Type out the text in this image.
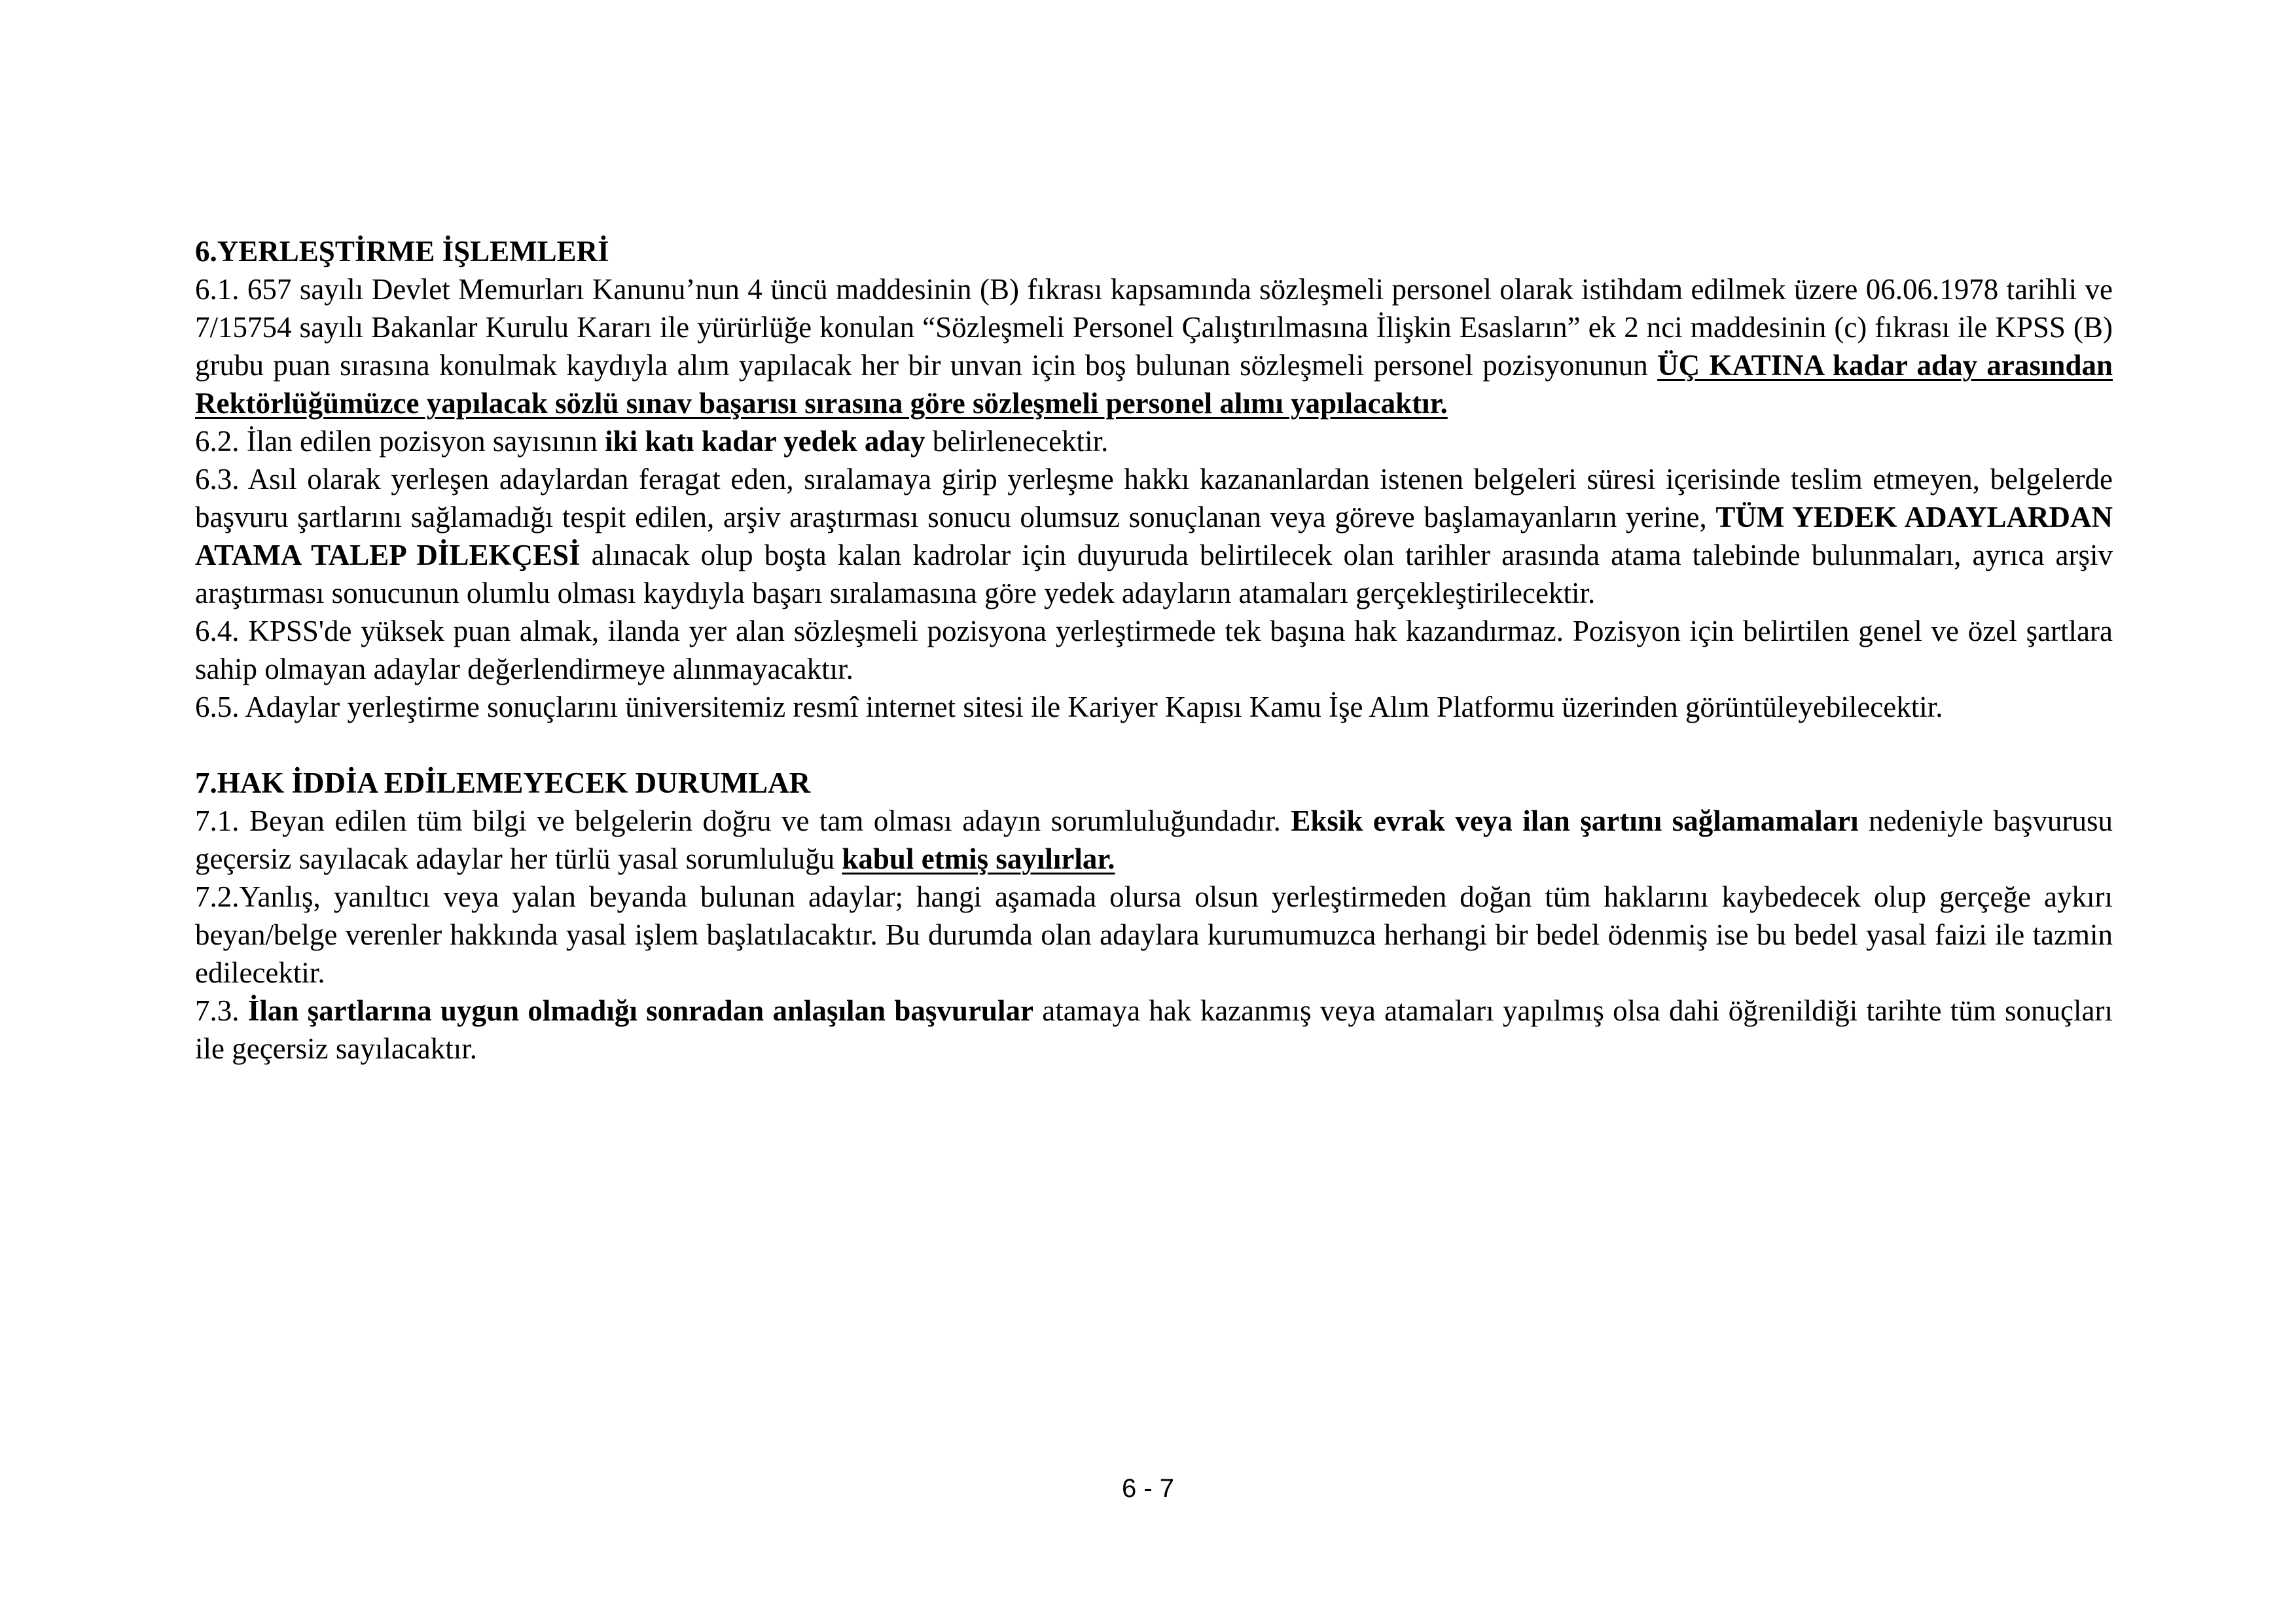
6.YERLEŞTİRME İŞLEMLERİ

6.1. 657 sayılı Devlet Memurları Kanunu’nun 4 üncü maddesinin (B) fıkrası kapsamında sözleşmeli personel olarak istihdam edilmek üzere 06.06.1978 tarihli ve 7/15754 sayılı Bakanlar Kurulu Kararı ile yürürlüğe konulan “Sözleşmeli Personel Çalıştırılmasına İlişkin Esasların” ek 2 nci maddesinin (c) fıkrası ile KPSS (B) grubu puan sırasına konulmak kaydıyla alım yapılacak her bir unvan için boş bulunan sözleşmeli personel pozisyonunun ÜÇ KATINA kadar aday arasından Rektörlüğümüzce yapılacak sözlü sınav başarısı sırasına göre sözleşmeli personel alımı yapılacaktır.

6.2. İlan edilen pozisyon sayısının iki katı kadar yedek aday belirlenecektir.

6.3. Asıl olarak yerleşen adaylardan feragat eden, sıralamaya girip yerleşme hakkı kazananlardan istenen belgeleri süresi içerisinde teslim etmeyen, belgelerde başvuru şartlarını sağlamadığı tespit edilen, arşiv araştırması sonucu olumsuz sonuçlanan veya göreve başlamayanların yerine, TÜM YEDEK ADAYLARDAN ATAMA TALEP DİLEKÇESİ alınacak olup boşta kalan kadrolar için duyuruda belirtilecek olan tarihler arasında atama talebinde bulunmaları, ayrıca arşiv araştırması sonucunun olumlu olması kaydıyla başarı sıralamasına göre yedek adayların atamaları gerçekleştirilecektir.

6.4. KPSS'de yüksek puan almak, ilanda yer alan sözleşmeli pozisyona yerleştirmede tek başına hak kazandırmaz. Pozisyon için belirtilen genel ve özel şartlara sahip olmayan adaylar değerlendirmeye alınmayacaktır.

6.5. Adaylar yerleştirme sonuçlarını üniversitemiz resmî internet sitesi ile Kariyer Kapısı Kamu İşe Alım Platformu üzerinden görüntüleyebilecektir.

7.HAK İDDİA EDİLEMEYECEK DURUMLAR

7.1. Beyan edilen tüm bilgi ve belgelerin doğru ve tam olması adayın sorumluluğundadır. Eksik evrak veya ilan şartını sağlamamaları nedeniyle başvurusu geçersiz sayılacak adaylar her türlü yasal sorumluluğu kabul etmiş sayılırlar.

7.2.Yanlış, yanıltıcı veya yalan beyanda bulunan adaylar; hangi aşamada olursa olsun yerleştirmeden doğan tüm haklarını kaybedecek olup gerçeğe aykırı beyan/belge verenler hakkında yasal işlem başlatılacaktır. Bu durumda olan adaylara kurumumuzca herhangi bir bedel ödenmiş ise bu bedel yasal faizi ile tazmin edilecektir.

7.3. İlan şartlarına uygun olmadığı sonradan anlaşılan başvurular atamaya hak kazanmış veya atamaları yapılmış olsa dahi öğrenildiği tarihte tüm sonuçları ile geçersiz sayılacaktır.

6 - 7
